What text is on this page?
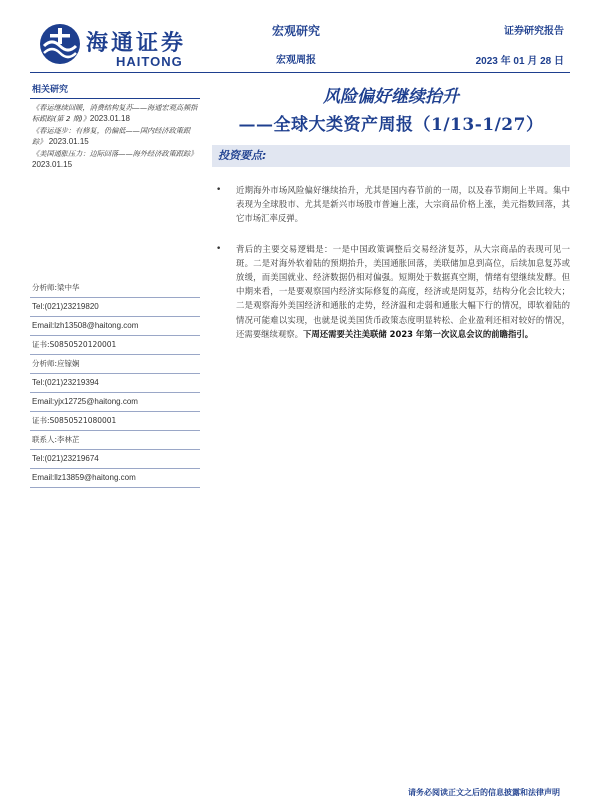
海通证券
HAITONG
宏观研究
宏观周报
证券研究报告
2023 年 01 月 28 日
相关研究
《春运继续回暖，消费结构复苏——海通宏观高频指标跟踪(第 2 期)》2023.01.18
《春运逐步：有修复，仍偏低——国内经济政策跟踪》 2023.01.15
《美国通胀压力：边际回落——海外经济政策跟踪》 2023.01.15
分析师:梁中华
Tel:(021)23219820
Email:lzh13508@haitong.com
证书:S0850520120001
分析师:应镓娴
Tel:(021)23219394
Email:yjx12725@haitong.com
证书:S0850521080001
联系人:李林芷
Tel:(021)23219674
Email:llz13859@haitong.com
风险偏好继续抬升
——全球大类资产周报（1/13-1/27）
投资要点:
• 近期海外市场风险偏好继续抬升，尤其是国内春节前的一周，以及春节期间上半周。集中表现为全球股市、尤其是新兴市场股市普遍上涨，大宗商品价格上涨，美元指数回落，其它市场汇率反弹。
• 背后的主要交易逻辑是：一是中国政策调整后交易经济复苏，从大宗商品的表现可见一斑。二是对海外软着陆的预期抬升，美国通胀回落，美联储加息到高位，后续加息复苏或放缓，而美国就业、经济数据仍相对偏强。短期处于数据真空期，情绪有望继续发酵。但中期来看，一是要观察国内经济实际修复的高度，经济或是阴复苏，结构分化会比较大；二是观察海外美国经济和通胀的走势，经济温和走弱和通胀大幅下行的情况，即软着陆的情况可能难以实现，也就是说美国货币政策态度明显转松、企业盈利还相对较好的情况，还需要继续观察。下周还需要关注美联储 2023 年第一次议息会议的前瞻指引。
请务必阅读正文之后的信息披露和法律声明
